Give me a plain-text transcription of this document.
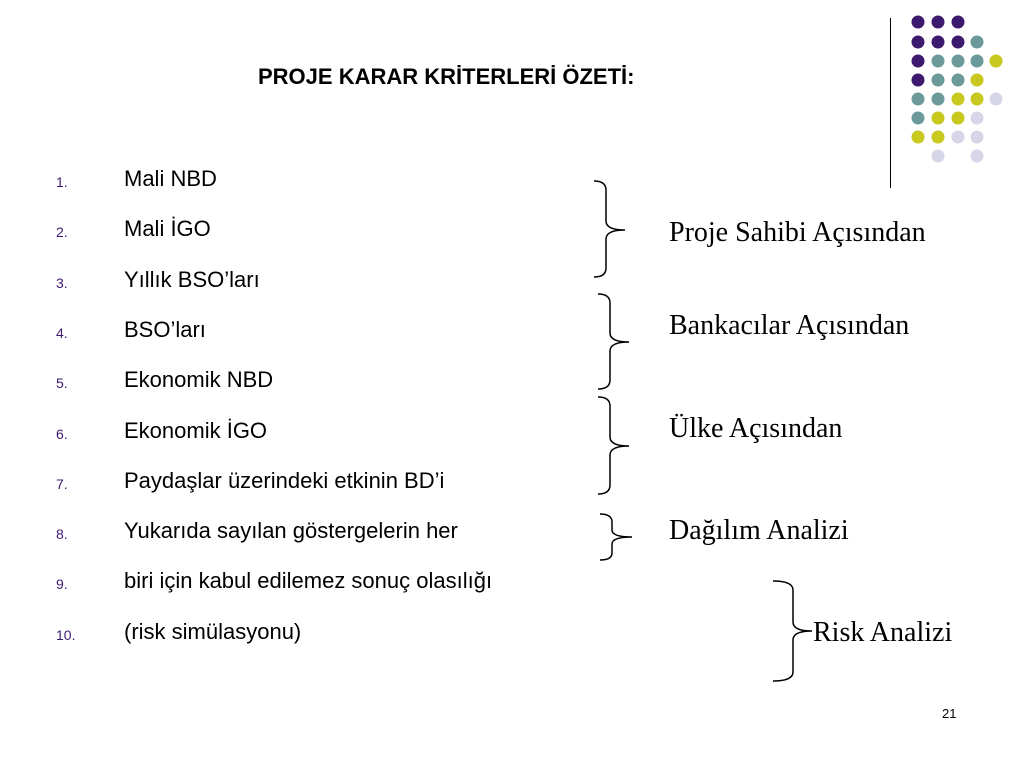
PROJE KARAR KRİTERLERİ ÖZETİ:
1.	Mali NBD
2.	Mali İGO
3.	Yıllık BSO’ları
4.	BSO’ları
5.	Ekonomik NBD
6.	Ekonomik İGO
7.	Paydaşlar üzerindeki etkinin BD’i
8.	Yukarıda sayılan göstergelerin her
9.	biri için kabul edilemez sonuç olasılığı
10. (risk simülasyonu)
Proje Sahibi Açısından
Bankacılar Açısından
Ülke Açısından
Dağılım Analizi
Risk Analizi
21
